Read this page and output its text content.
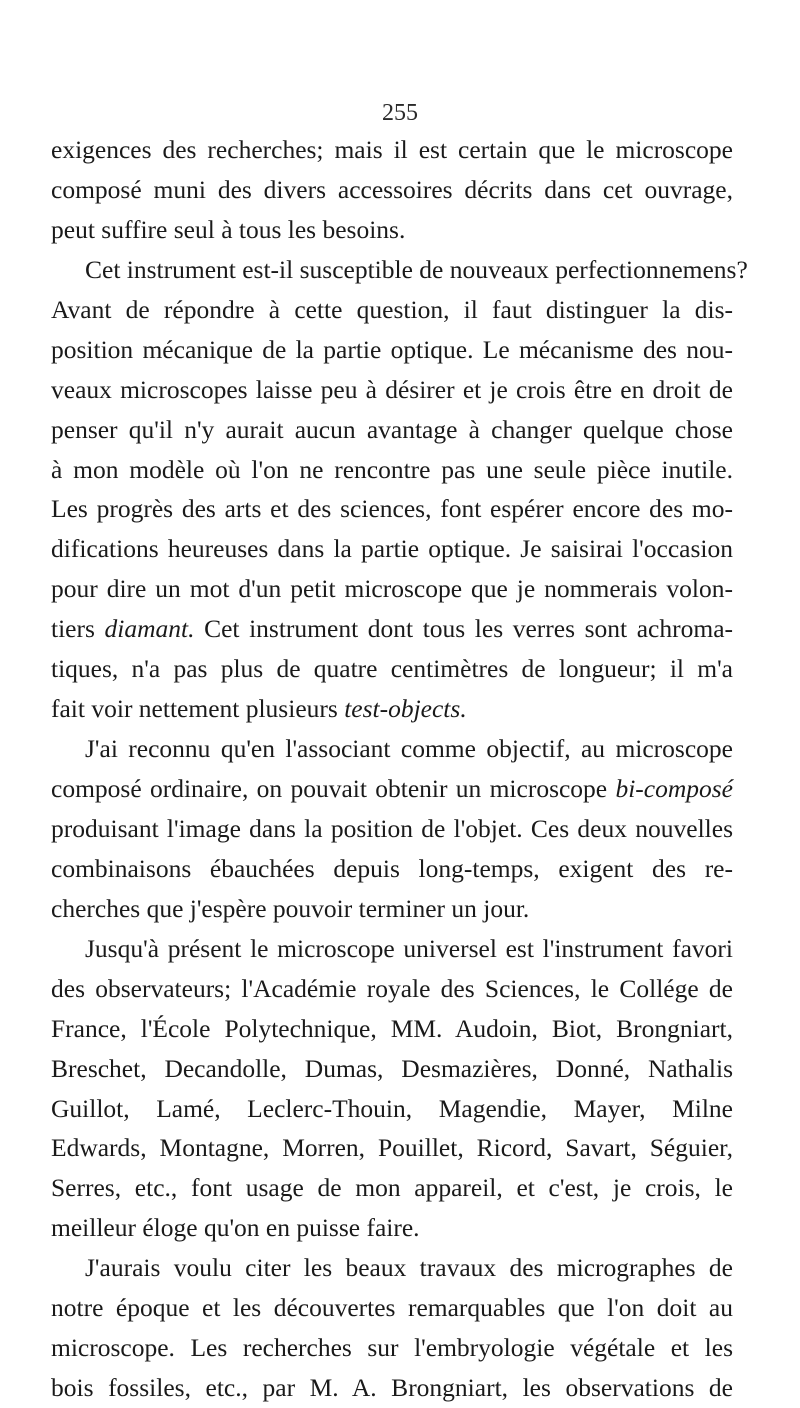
255
exigences des recherches; mais il est certain que le microscope
composé muni des divers accessoires décrits dans cet ouvrage,
peut suffire seul à tous les besoins.
Cet instrument est-il susceptible de nouveaux perfectionnemens?
Avant de répondre à cette question, il faut distinguer la dis-
position mécanique de la partie optique. Le mécanisme des nou-
veaux microscopes laisse peu à désirer et je crois être en droit de
penser qu'il n'y aurait aucun avantage à changer quelque chose
à mon modèle où l'on ne rencontre pas une seule pièce inutile.
Les progrès des arts et des sciences, font espérer encore des mo-
difications heureuses dans la partie optique. Je saisirai l'occasion
pour dire un mot d'un petit microscope que je nommerais volon-
tiers diamant. Cet instrument dont tous les verres sont achroma-
tiques, n'a pas plus de quatre centimètres de longueur; il m'a
fait voir nettement plusieurs test-objects.
J'ai reconnu qu'en l'associant comme objectif, au microscope
composé ordinaire, on pouvait obtenir un microscope bi-composé
produisant l'image dans la position de l'objet. Ces deux nouvelles
combinaisons ébauchées depuis long-temps, exigent des re-
cherches que j'espère pouvoir terminer un jour.
Jusqu'à présent le microscope universel est l'instrument favori
des observateurs; l'Académie royale des Sciences, le Collége de
France, l'École Polytechnique, MM. Audoin, Biot, Brongniart,
Breschet, Decandolle, Dumas, Desmazières, Donné, Nathalis
Guillot, Lamé, Leclerc-Thouin, Magendie, Mayer, Milne
Edwards, Montagne, Morren, Pouillet, Ricord, Savart, Séguier,
Serres, etc., font usage de mon appareil, et c'est, je crois, le
meilleur éloge qu'on en puisse faire.
J'aurais voulu citer les beaux travaux des micrographes de
notre époque et les découvertes remarquables que l'on doit au
microscope. Les recherches sur l'embryologie végétale et les
bois fossiles, etc., par M. A. Brongniart, les observations de
